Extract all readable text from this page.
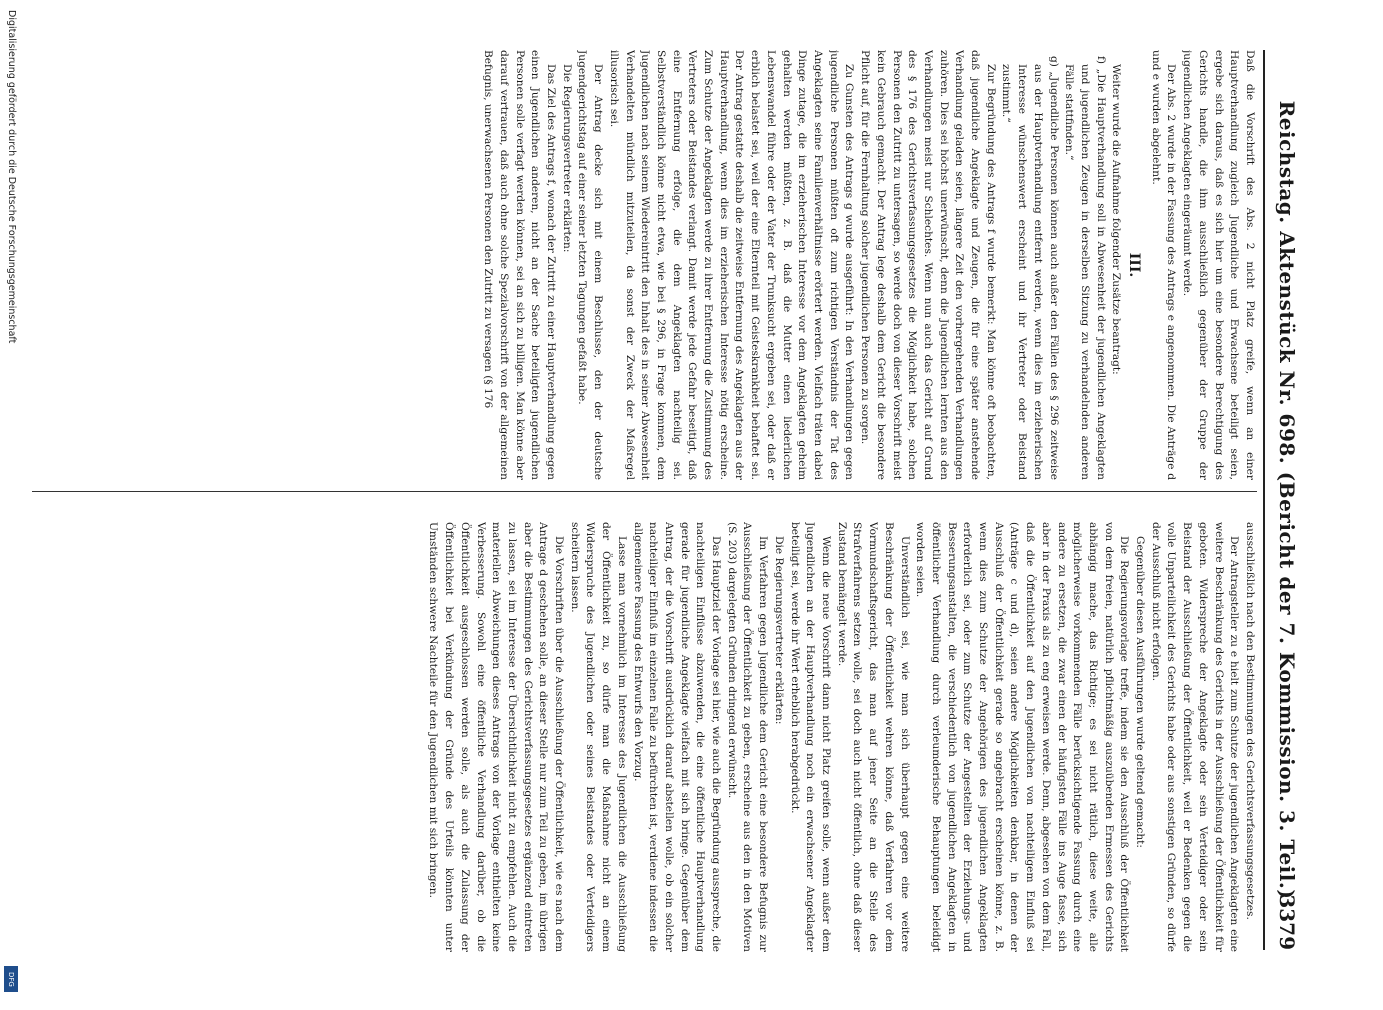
Reichstag. Aktenstück Nr. 698. (Bericht der 7. Kommission. 3. Teil.)
3379

Daß die Vorschrift des Abs. 2 nicht Platz greife, wenn an einer Hauptverhandlung zugleich Jugendliche und Erwachsene beteiligt seien, ergebe sich daraus, daß es sich hier um eine besondere Berechtigung des Gerichts handle, die ihm ausschließlich gegenüber der Gruppe der jugendlichen Angeklagten eingeräumt werde.

Der Abs. 2 wurde in der Fassung des Antrags e angenommen. Die Anträge d und e wurden abgelehnt.

III.

Weiter wurde die Aufnahme folgender Zusätze beantragt:

f) „Die Hauptverhandlung soll in Abwesenheit der jugendlichen Angeklagten und jugendlichen Zeugen in derselben Sitzung zu verhandelnden anderen Fälle stattfinden.“

g) „Jugendliche Personen können auch außer den Fällen des § 296 zeitweise aus der Hauptverhandlung entfernt werden, wenn dies im erzieherischen Interesse wünschenswert erscheint und ihr Vertreter oder Beistand zustimmt.“

Zur Begründung des Antrags f wurde bemerkt: Man könne oft beobachten, daß jugendliche Angeklagte und Zeugen, die für eine später anstehende Verhandlung geladen seien, längere Zeit den vorhergehenden Verhandlungen zuhören. Dies sei höchst unerwünscht, denn die Jugendlichen lernten aus den Verhandlungen meist nur Schlechtes. Wenn nun auch das Gericht auf Grund des § 176 des Gerichtsverfassungsgesetzes die Möglichkeit habe, solchen Personen den Zutritt zu untersagen, so werde doch von dieser Vorschrift meist kein Gebrauch gemacht. Der Antrag lege deshalb dem Gericht die besondere Pflicht auf, für die Fernhaltung solcher jugendlichen Personen zu sorgen.

Zu Gunsten des Antrags g wurde ausgeführt: In den Verhandlungen gegen jugendliche Personen müßten oft zum richtigen Verständnis der Tat des Angeklagten seine Familienverhältnisse erörtert werden. Vielfach träten dabei Dinge zutage, die im erzieherischen Interesse vor dem Angeklagten geheim gehalten werden müßten, z. B. daß die Mutter einen liederlichen Lebenswandel führe oder der Vater der Trunksucht ergeben sei, oder daß er erblich belastet sei, weil der eine Elternteil mit Geisteskrankheit behaftet sei. Der Antrag gestatte deshalb die zeitweise Entfernung des Angeklagten aus der Hauptverhandlung, wenn dies im erzieherischen Interesse nötig erscheine. Zum Schutze der Angeklagten werde zu ihrer Entfernung die Zustimmung des Vertreters oder Beistandes verlangt. Damit werde jede Gefahr beseitigt, daß eine Entfernung erfolge, die dem Angeklagten nachteilig sei. Selbstverständlich könne nicht etwa, wie bei § 296, in Frage kommen, dem Jugendlichen nach seinem Wiedereintritt den Inhalt des in seiner Abwesenheit Verhandelten mündlich mitzuteilen, da sonst der Zweck der Maßregel illusorisch sei.

Der Antrag decke sich mit einem Beschlusse, den der deutsche Jugendgerichtstag auf einer seiner letzten Tagungen gefaßt habe.

Die Regierungsvertreter erklärten:

Das Ziel des Antrags f, wonach der Zutritt zu einer Hauptverhandlung gegen einen Jugendlichen anderen, nicht an der Sache beteiligten jugendlichen Personen solle verfagt werden können, sei an sich zu billigen. Man könne aber darauf vertrauen, daß auch ohne solche Spezialvorschrift von der allgemeinen Befugnis, unerwachsenen Personen den Zutritt zu versagen (§ 176

ausschließlich nach den Bestimmungen des Gerichtsverfassungsgesetzes.

Der Antragsteller zu e hielt zum Schutze der jugendlichen Angeklagten eine weitere Beschränkung des Gerichts in der Ausschließung der Öffentlichkeit für geboten. Widerspreche der Angeklagte oder sein Verteidiger oder sein Beistand der Ausschließung der Öffentlichkeit, weil er Bedenken gegen die volle Unparteilichkeit des Gerichts habe oder aus sonstigen Gründen, so dürfe der Ausschluß nicht erfolgen.

Gegenüber diesen Ausführungen wurde geltend gemacht:

Die Regierungsvorlage treffe, indem sie den Ausschluß der Öffentlichkeit von dem freien, natürlich pflichtmäßig auszuübenden Ermessen des Gerichts abhängig mache, das Richtige; es sei nicht rätlich, diese weite, alle möglicherweise vorkommenden Fälle berücksichtigende Fassung durch eine andere zu ersetzen, die zwar einen der häufigsten Fälle ins Auge fasse, sich aber in der Praxis als zu eng erweisen werde. Denn, abgesehen von dem Fall, daß die Öffentlichkeit auf den Jugendlichen von nachteiligem Einfluß sei (Anträge c und d), seien andere Möglichkeiten denkbar, in denen der Ausschluß der Öffentlichkeit gerade so angebracht erscheinen könne, z. B. wenn dies zum Schutze der Angehörigen des jugendlichen Angeklagten erforderlich sei, oder zum Schutze der Angestellten der Erziehungs- und Besserungsanstalten, die verschiedentlich von jugendlichen Angeklagten in öffentlicher Verhandlung durch verleumderische Behauptungen beleidigt worden seien.

Unverständlich sei, wie man sich überhaupt gegen eine weitere Beschränkung der Öffentlichkeit wehren könne, daß Verfahren vor dem Vormundschaftsgericht, das man auf jener Seite an die Stelle des Strafverfahrens setzen wolle, sei doch auch nicht öffentlich, ohne daß dieser Zustand bemängelt werde.

Wenn die neue Vorschrift dann nicht Platz greifen solle, wenn außer dem Jugendlichen an der Hauptverhandlung noch ein erwachsener Angeklagter beteiligt sei, werde ihr Wert erheblich herabgedrückt.

Die Regierungsvertreter erklärten:

Im Verfahren gegen Jugendliche dem Gericht eine besondere Befugnis zur Ausschließung der Öffentlichkeit zu geben, erscheine aus den in den Motiven (S. 203) dargelegten Gründen dringend erwünscht.

Das Hauptziel der Vorlage sei hier, wie auch die Begründung ausspreche, die nachteiligen Einflüsse abzuwenden, die eine öffentliche Hauptverhandlung gerade für jugendliche Angeklagte vielfach mit sich bringe. Gegenüber dem Antrag, der die Vorschrift ausdrücklich darauf abstellen wolle, ob ein solcher nachteiliger Einfluß im einzelnen Falle zu befürchten ist, verdiene indessen die allgemeinere Fassung des Entwurfs den Vorzug.

Lasse man vornehmlich im Interesse des Jugendlichen die Ausschließung der Öffentlichkeit zu, so dürfe man die Maßnahme nicht an einem Widerspruche des Jugendlichen oder seines Beistandes oder Verteidigers scheitern lassen.

Die Vorschriften über die Ausschließung der Öffentlichkeit, wie es nach dem Antrage d geschehen solle, an dieser Stelle nur zum Teil zu geben, im übrigen aber die Bestimmungen des Gerichtsverfassungsgesetzes ergänzend eintreten zu lassen, sei im Interesse der Übersichtlichkeit nicht zu empfehlen. Auch die materiellen Abweichungen dieses Antrags von der Vorlage enthielten keine Verbesserung. Sowohl eine öffentliche Verhandlung darüber, ob die Öffentlichkeit ausgeschlossen werden solle, als auch die Zulassung der Öffentlichkeit bei Verkündung der Gründe des Urteils könnten unter Umständen schwere Nachteile für den Jugendlichen mit sich bringen.

Digitalisierung gefördert durch die Deutsche Forschungsgemeinschaft
DFG
